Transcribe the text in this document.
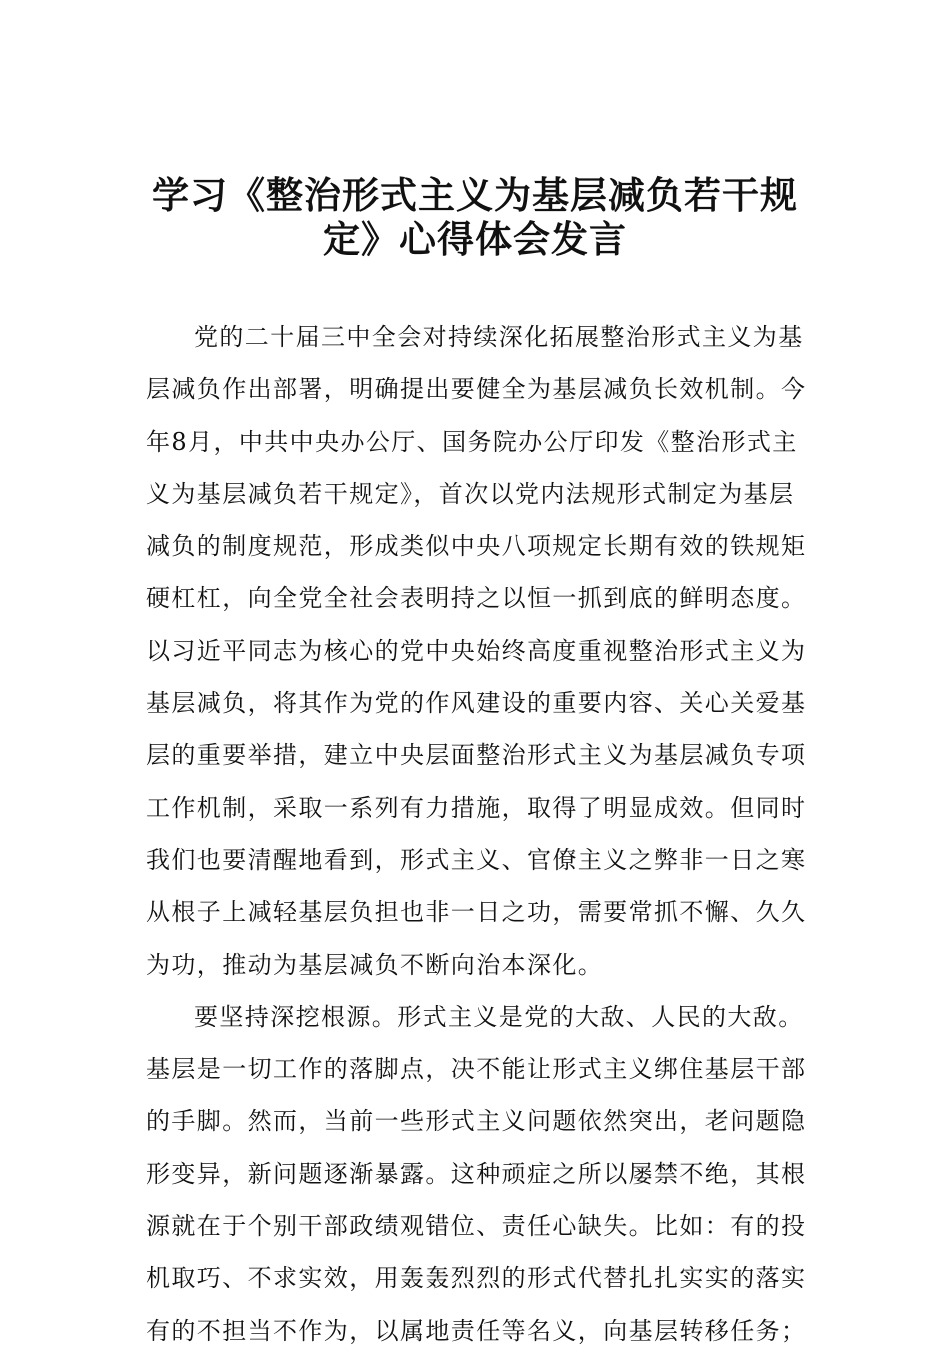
学习《整治形式主义为基层减负若干规
定》心得体会发言
党的二十届三中全会对持续深化拓展整治形式主义为基
层减负作出部署，明确提出要健全为基层减负长效机制。今
年8月，中共中央办公厅、国务院办公厅印发《整治形式主
义为基层减负若干规定》，首次以党内法规形式制定为基层
减负的制度规范，形成类似中央八项规定长期有效的铁规矩
硬杠杠，向全党全社会表明持之以恒一抓到底的鲜明态度。
以习近平同志为核心的党中央始终高度重视整治形式主义为
基层减负，将其作为党的作风建设的重要内容、关心关爱基
层的重要举措，建立中央层面整治形式主义为基层减负专项
工作机制，采取一系列有力措施，取得了明显成效。但同时
我们也要清醒地看到，形式主义、官僚主义之弊非一日之寒
从根子上减轻基层负担也非一日之功，需要常抓不懈、久久
为功，推动为基层减负不断向治本深化。
要坚持深挖根源。形式主义是党的大敌、人民的大敌。
基层是一切工作的落脚点，决不能让形式主义绑住基层干部
的手脚。然而，当前一些形式主义问题依然突出，老问题隐
形变异，新问题逐渐暴露。这种顽症之所以屡禁不绝，其根
源就在于个别干部政绩观错位、责任心缺失。比如：有的投
机取巧、不求实效，用轰轰烈烈的形式代替扎扎实实的落实
有的不担当不作为，以属地责任等名义，向基层转移任务；
